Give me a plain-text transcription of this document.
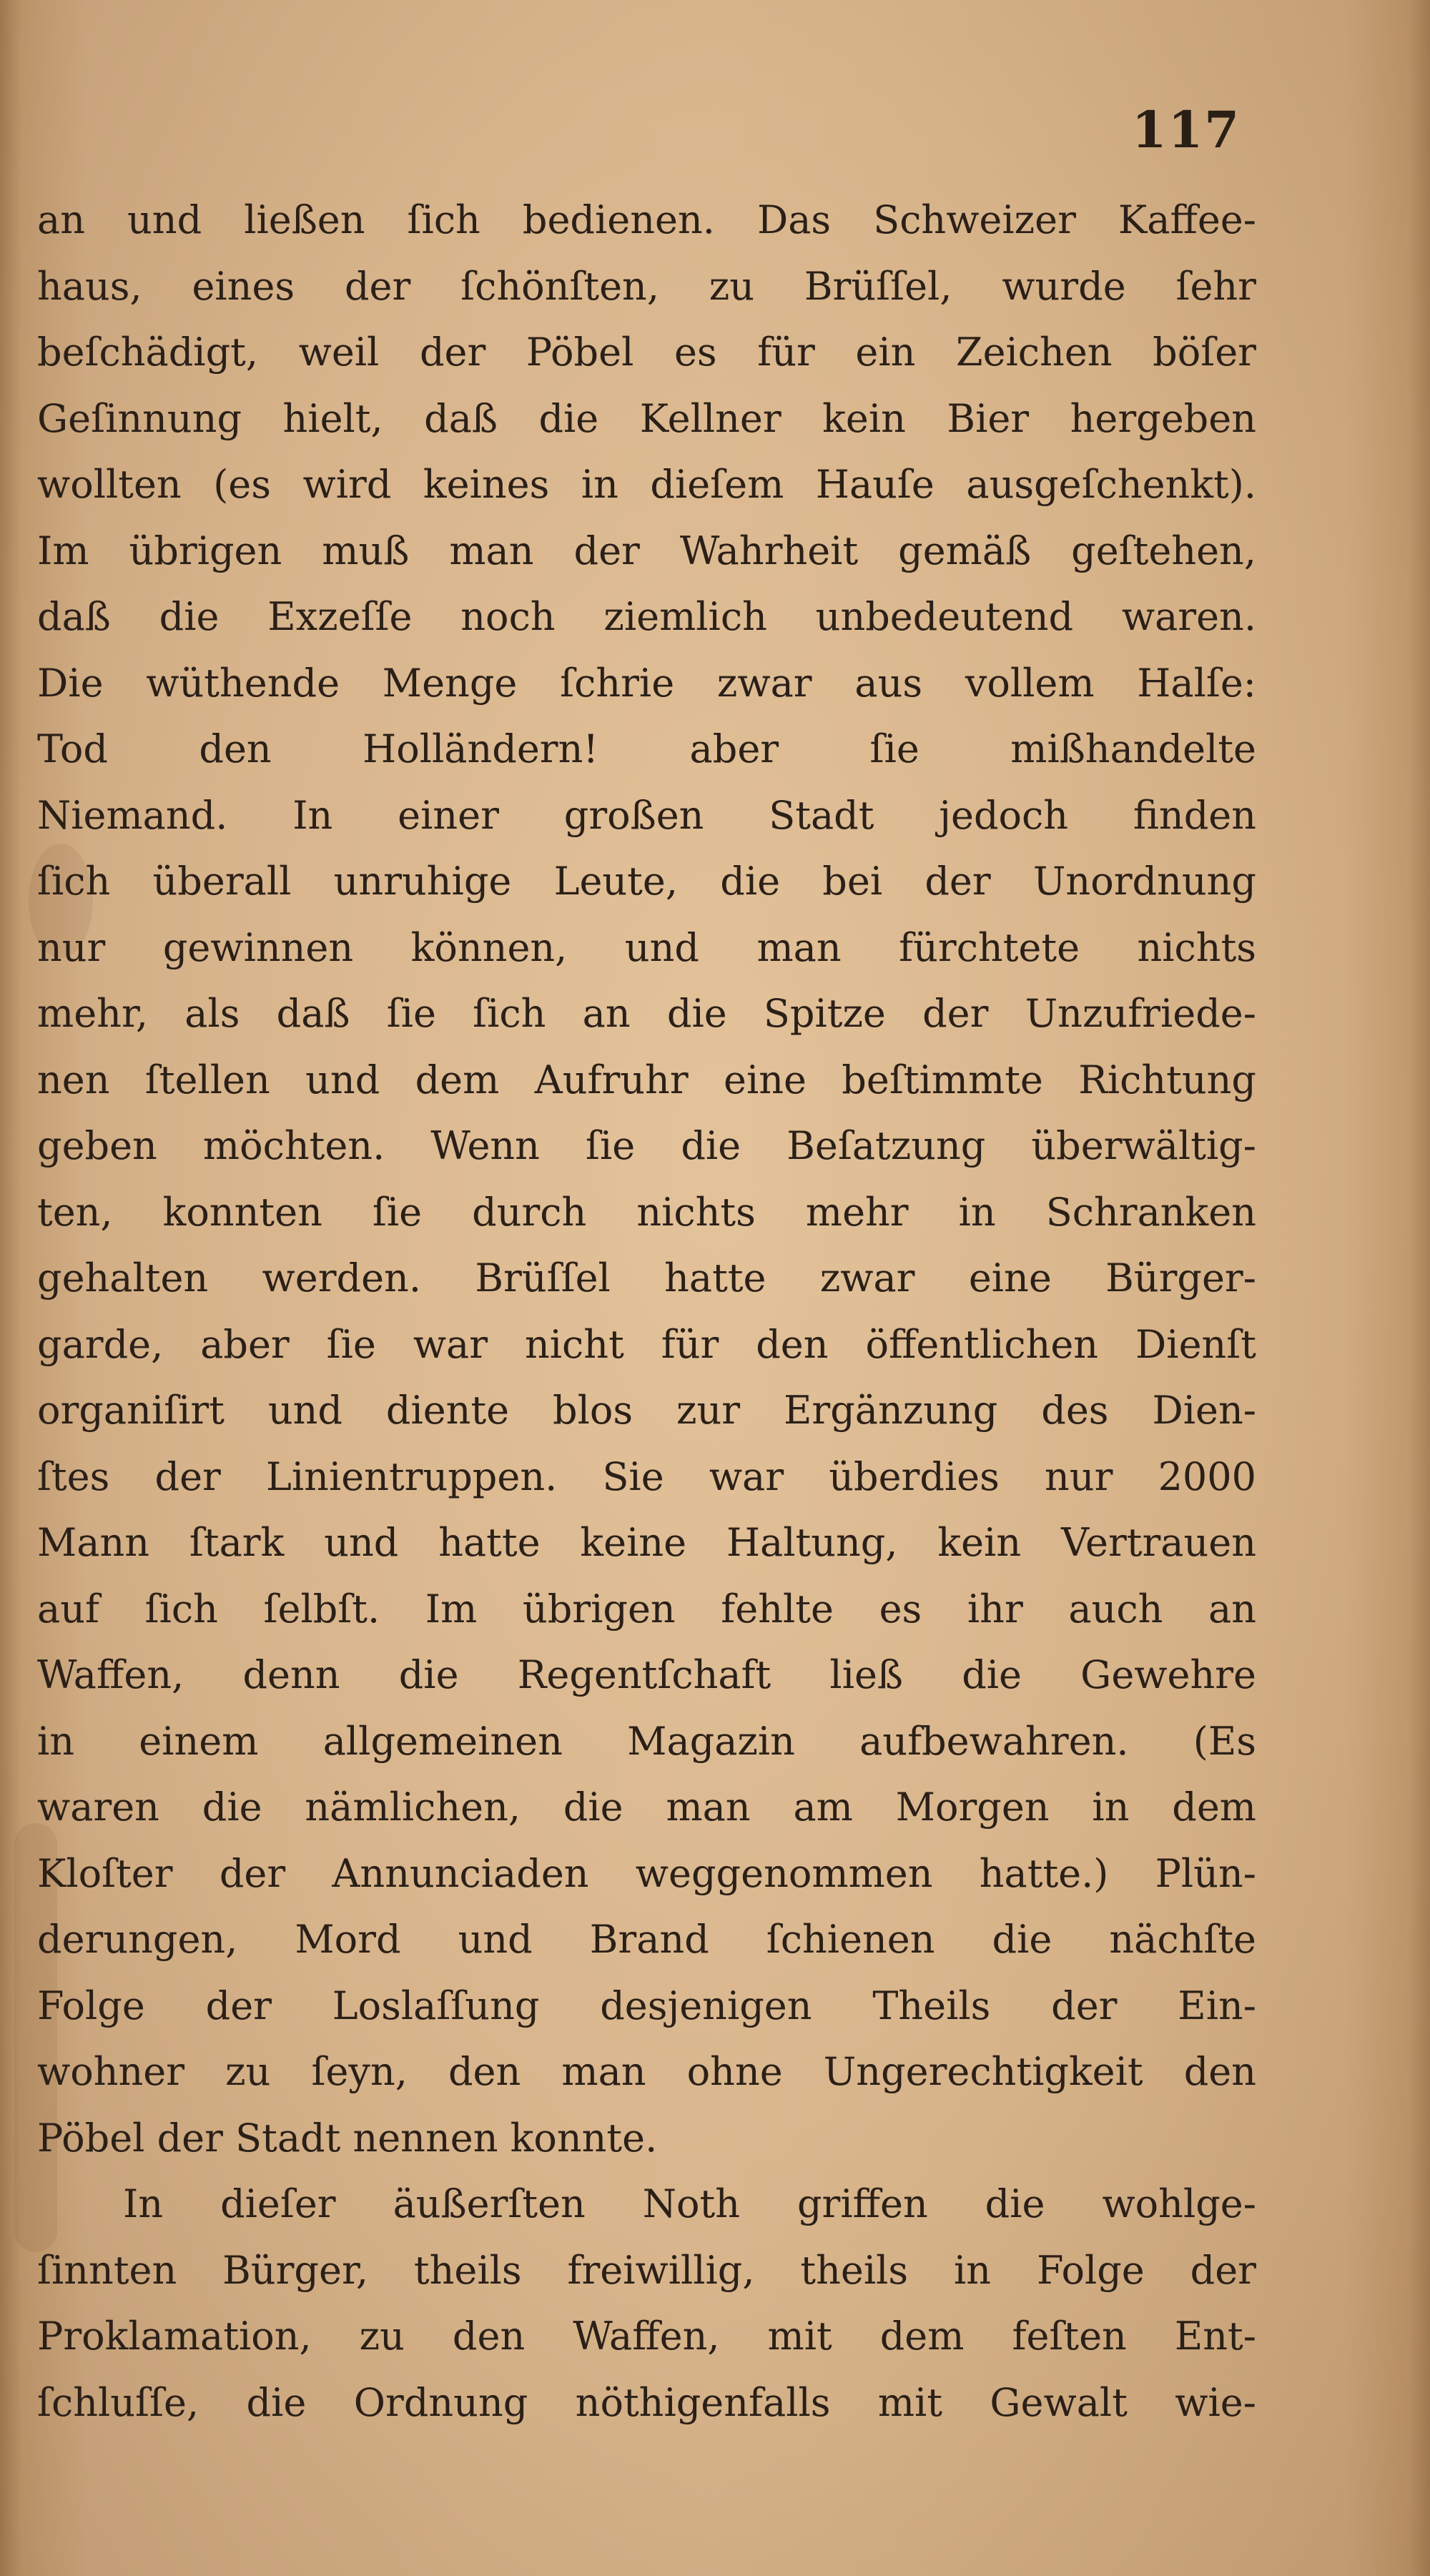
117
an und ließen ſich bedienen. Das Schweizer Kaffee-
haus, eines der ſchönſten, zu Brüſſel, wurde ſehr
beſchädigt, weil der Pöbel es für ein Zeichen böſer
Geſinnung hielt, daß die Kellner kein Bier hergeben
wollten (es wird keines in dieſem Hauſe ausgeſchenkt).
Im übrigen muß man der Wahrheit gemäß geſtehen,
daß die Exzeſſe noch ziemlich unbedeutend waren.
Die wüthende Menge ſchrie zwar aus vollem Halſe:
Tod den Holländern! aber ſie mißhandelte
Niemand. In einer großen Stadt jedoch finden
ſich überall unruhige Leute, die bei der Unordnung
nur gewinnen können, und man fürchtete nichts
mehr, als daß ſie ſich an die Spitze der Unzufriede-
nen ſtellen und dem Aufruhr eine beſtimmte Richtung
geben möchten. Wenn ſie die Beſatzung überwältig-
ten, konnten ſie durch nichts mehr in Schranken
gehalten werden. Brüſſel hatte zwar eine Bürger-
garde, aber ſie war nicht für den öffentlichen Dienſt
organiſirt und diente blos zur Ergänzung des Dien-
ſtes der Linientruppen. Sie war überdies nur 2000
Mann ſtark und hatte keine Haltung, kein Vertrauen
auf ſich ſelbſt. Im übrigen fehlte es ihr auch an
Waffen, denn die Regentſchaft ließ die Gewehre
in einem allgemeinen Magazin aufbewahren. (Es
waren die nämlichen, die man am Morgen in dem
Kloſter der Annunciaden weggenommen hatte.) Plün-
derungen, Mord und Brand ſchienen die nächſte
Folge der Loslaſſung desjenigen Theils der Ein-
wohner zu ſeyn, den man ohne Ungerechtigkeit den
Pöbel der Stadt nennen konnte.
In dieſer äußerſten Noth griffen die wohlge-
ſinnten Bürger, theils freiwillig, theils in Folge der
Proklamation, zu den Waffen, mit dem feſten Ent-
ſchluſſe, die Ordnung nöthigenfalls mit Gewalt wie-
